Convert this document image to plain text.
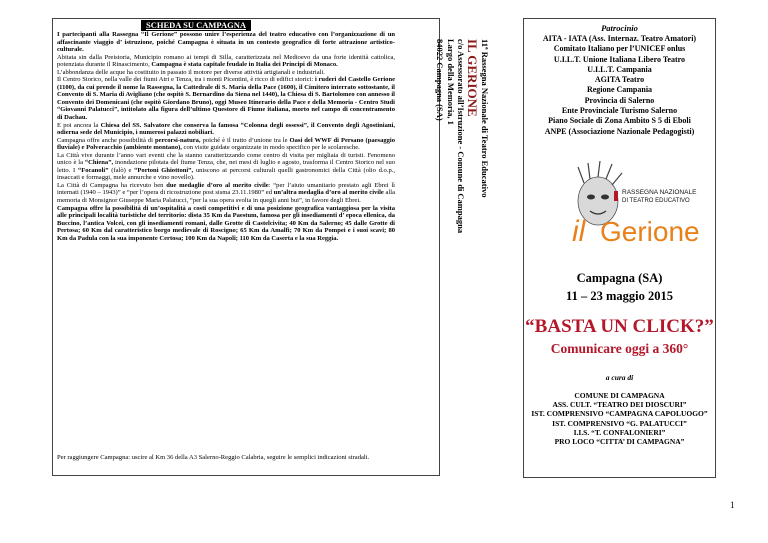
SCHEDA SU CAMPAGNA

I partecipanti alla Rassegna “Il Gerione” possono unire l’esperienza del teatro educativo con l’organizzazione di un affascinante viaggio d’ istruzione, poiché Campagna è situata in un contesto geografico di forte attrazione artistico-culturale.

Abitata sin dalla Preistoria, Municipio romano ai tempi di Silla, caratterizzata nel Medioevo da una forte identità cattolica, potenziata durante il Rinascimento, Campagna è stata capitale feudale in Italia dei Principi di Monaco.

L’abbondanza delle acque ha costituito in passato il motore per diverse attività artigianali e industriali.

Il Centro Storico, nella valle dei fiumi Atri e Tenza, tra i monti Picentini, è ricco di edifici storici: i ruderi del Castello Gerione (1100), da cui prende il nome la Rassegna, la Cattedrale di S. Maria della Pace (1600), il Cimitero interrato sottostante, il Convento di S. Maria di Avigliano (che ospitò S. Bernardino da Siena nel 1440), la Chiesa di S. Bartolomeo con annesso il Convento dei Domenicani (che ospitò Giordano Bruno), oggi Museo Itinerario della Pace e della Memoria - Centro Studi “Giovanni Palatucci”, intitolato alla figura dell’ultimo Questore di Fiume italiana, morto nel campo di concentramento di Dachau.

E poi ancora la Chiesa del SS. Salvatore che conserva la famosa “Colonna degli ossessi”, il Convento degli Agostiniani, odierna sede del Municipio, i numerosi palazzi nobiliari.

Campagna offre anche possibilità di percorsi-natura, poiché è il tratto d’unione tra le Oasi del WWF di Persano (paesaggio fluviale) e Polveracchio (ambiente montano), con visite guidate organizzate in modo specifico per le scolaresche.

La Città vive durante l’anno vari eventi che la stanno caratterizzando come centro di visita per migliaia di turisti. Fenomeno unico è la “Chiena”, inondazione pilotata del fiume Tenza, che, nei mesi di luglio e agosto, trasforma il Centro Storico nel suo letto. I “Focanoli” (falò) e “Portoni Ghiottoni”, uniscono ai percorsi culturali quelli gastronomici della Città (olio d.o.p., insaccati e formaggi, mele annurche e vino novello).

La Città di Campagna ha ricevuto ben due medaglie d’oro al merito civile: “per l’aiuto umanitario prestato agli Ebrei lì internati (1940 – 1943)” e “per l’opera di ricostruzione post sisma 23.11.1980” ed un’altra medaglia d’oro al merito civile alla memoria di Monsignor Giuseppe Maria Palatucci, “per la sua opera svolta in quegli anni bui”, in favore degli Ebrei.

Campagna offre la possibilità di un’ospitalità a costi competitivi e di una posizione geografica vantaggiosa per la visita alle principali località turistiche del territorio: dista 35 Km da Paestum, famosa per gli insediamenti d’ epoca ellenica, da Buccino, l’antica Volcei, con gli insediamenti romani, dalle Grotte di Castelcivita; 40 Km da Salerno; 45 dalle Grotte di Pertosa; 60 Km dal caratteristico borgo medievale di Roscigno; 65 Km da Amalfi; 70 Km da Pompei e i suoi scavi; 80 Km da Padula con la sua imponente Certosa; 100 Km da Napoli; 110 Km da Caserta e la sua Reggia.

Per raggiungere Campagna: uscire al Km 36 della A3 Salerno-Reggio Calabria, seguire le semplici indicazioni stradali.
11ª Rassegna Nazionale di Teatro Educativo
IL GERIONE
c/o Assessorato all’Istruzione - Comune di Campagna
Largo della Memoria, 1
84022 Campagna (SA)
Patrocinio
AITA - IATA (Ass. Internaz. Teatro Amatori)
Comitato Italiano per l’UNICEF onlus
U.I.L.T. Unione Italiana Libero Teatro
U.I.L.T. Campania
AGITA Teatro
Regione Campania
Provincia di Salerno
Ente Provinciale Turismo Salerno
Piano Sociale di Zona Ambito S 5 di Eboli
ANPE (Associazione Nazionale Pedagogisti)
RASSEGNA NAZIONALE
DI TEATRO EDUCATIVO
il Gerione
Campagna (SA)
11 – 23 maggio 2015
“BASTA UN CLICK?”
Comunicare oggi a 360°
a cura di
COMUNE DI CAMPAGNA
ASS. CULT. “TEATRO DEI DIOSCURI”
IST. COMPRENSIVO “CAMPAGNA CAPOLUOGO”
IST. COMPRENSIVO “G. PALATUCCI”
I.I.S. “T. CONFALONIERI”
PRO LOCO “CITTA’ DI CAMPAGNA”
1
